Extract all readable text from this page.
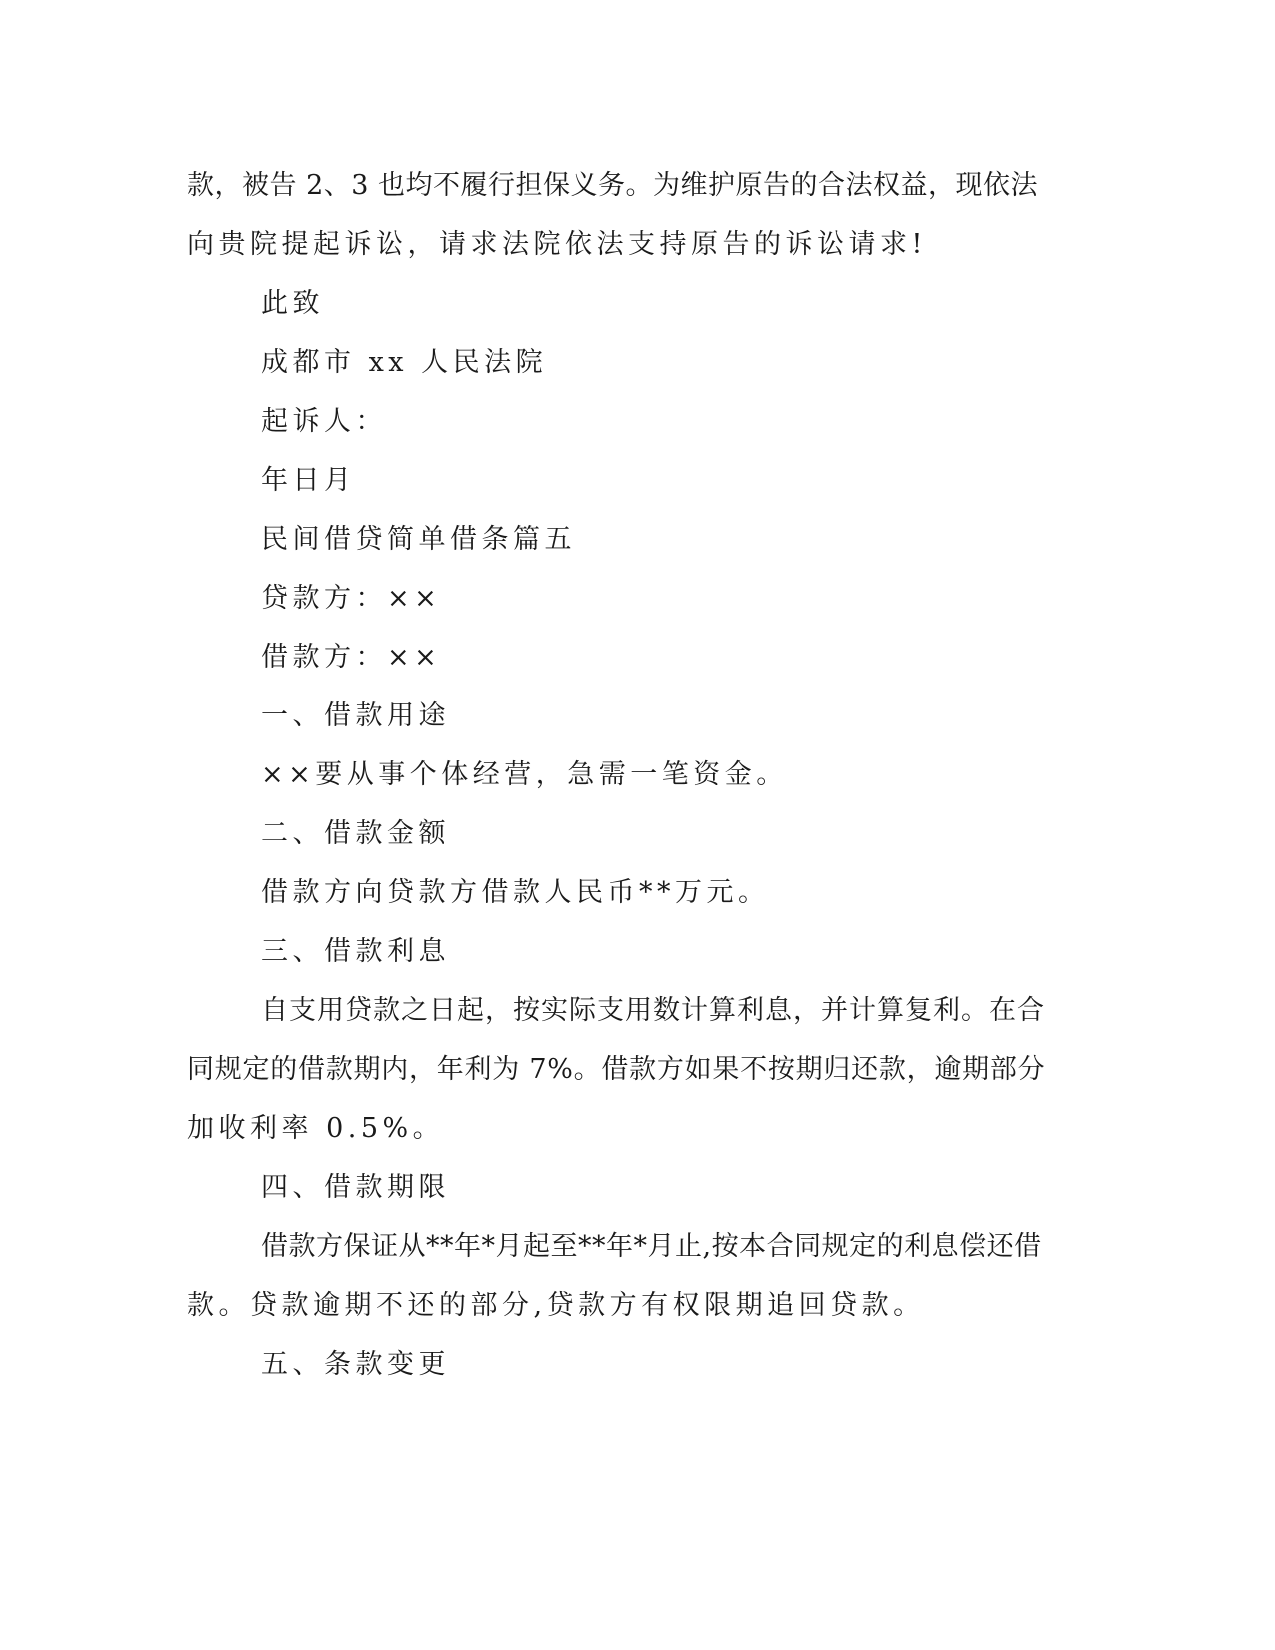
款，被告 2、3 也均不履行担保义务。为维护原告的合法权益，现依法

向贵院提起诉讼，请求法院依法支持原告的诉讼请求!

此致

成都市 xx 人民法院

起诉人：

年日月

民间借贷简单借条篇五

贷款方：××

借款方：××

一、借款用途

××要从事个体经营，急需一笔资金。

二、借款金额

借款方向贷款方借款人民币**万元。

三、借款利息

自支用贷款之日起，按实际支用数计算利息，并计算复利。在合

同规定的借款期内，年利为 7%。借款方如果不按期归还款，逾期部分

加收利率 0.5%。

四、借款期限

借款方保证从**年*月起至**年*月止,按本合同规定的利息偿还借

款。贷款逾期不还的部分,贷款方有权限期追回贷款。

五、条款变更
